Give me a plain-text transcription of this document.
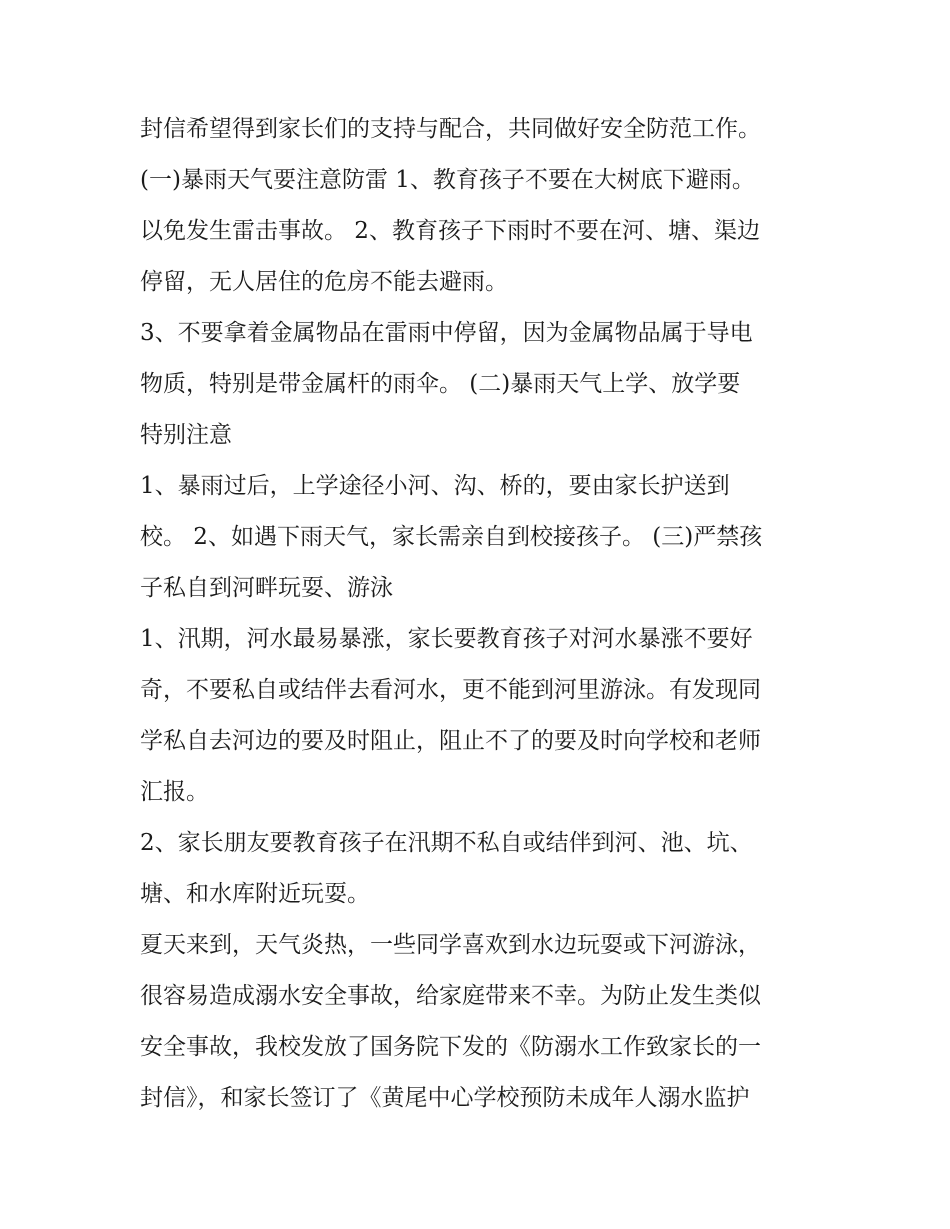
封信希望得到家长们的支持与配合，共同做好安全防范工作。
(一)暴雨天气要注意防雷 1、教育孩子不要在大树底下避雨。
以免发生雷击事故。 2、教育孩子下雨时不要在河、塘、渠边
停留，无人居住的危房不能去避雨。
3、不要拿着金属物品在雷雨中停留，因为金属物品属于导电
物质，特别是带金属杆的雨伞。 (二)暴雨天气上学、放学要
特别注意
1、暴雨过后，上学途径小河、沟、桥的，要由家长护送到
校。 2、如遇下雨天气，家长需亲自到校接孩子。 (三)严禁孩
子私自到河畔玩耍、游泳
1、汛期，河水最易暴涨，家长要教育孩子对河水暴涨不要好
奇，不要私自或结伴去看河水，更不能到河里游泳。有发现同
学私自去河边的要及时阻止，阻止不了的要及时向学校和老师
汇报。
2、家长朋友要教育孩子在汛期不私自或结伴到河、池、坑、
塘、和水库附近玩耍。
夏天来到，天气炎热，一些同学喜欢到水边玩耍或下河游泳，
很容易造成溺水安全事故，给家庭带来不幸。为防止发生类似
安全事故，我校发放了国务院下发的《防溺水工作致家长的一
封信》，和家长签订了《黄尾中心学校预防未成年人溺水监护
